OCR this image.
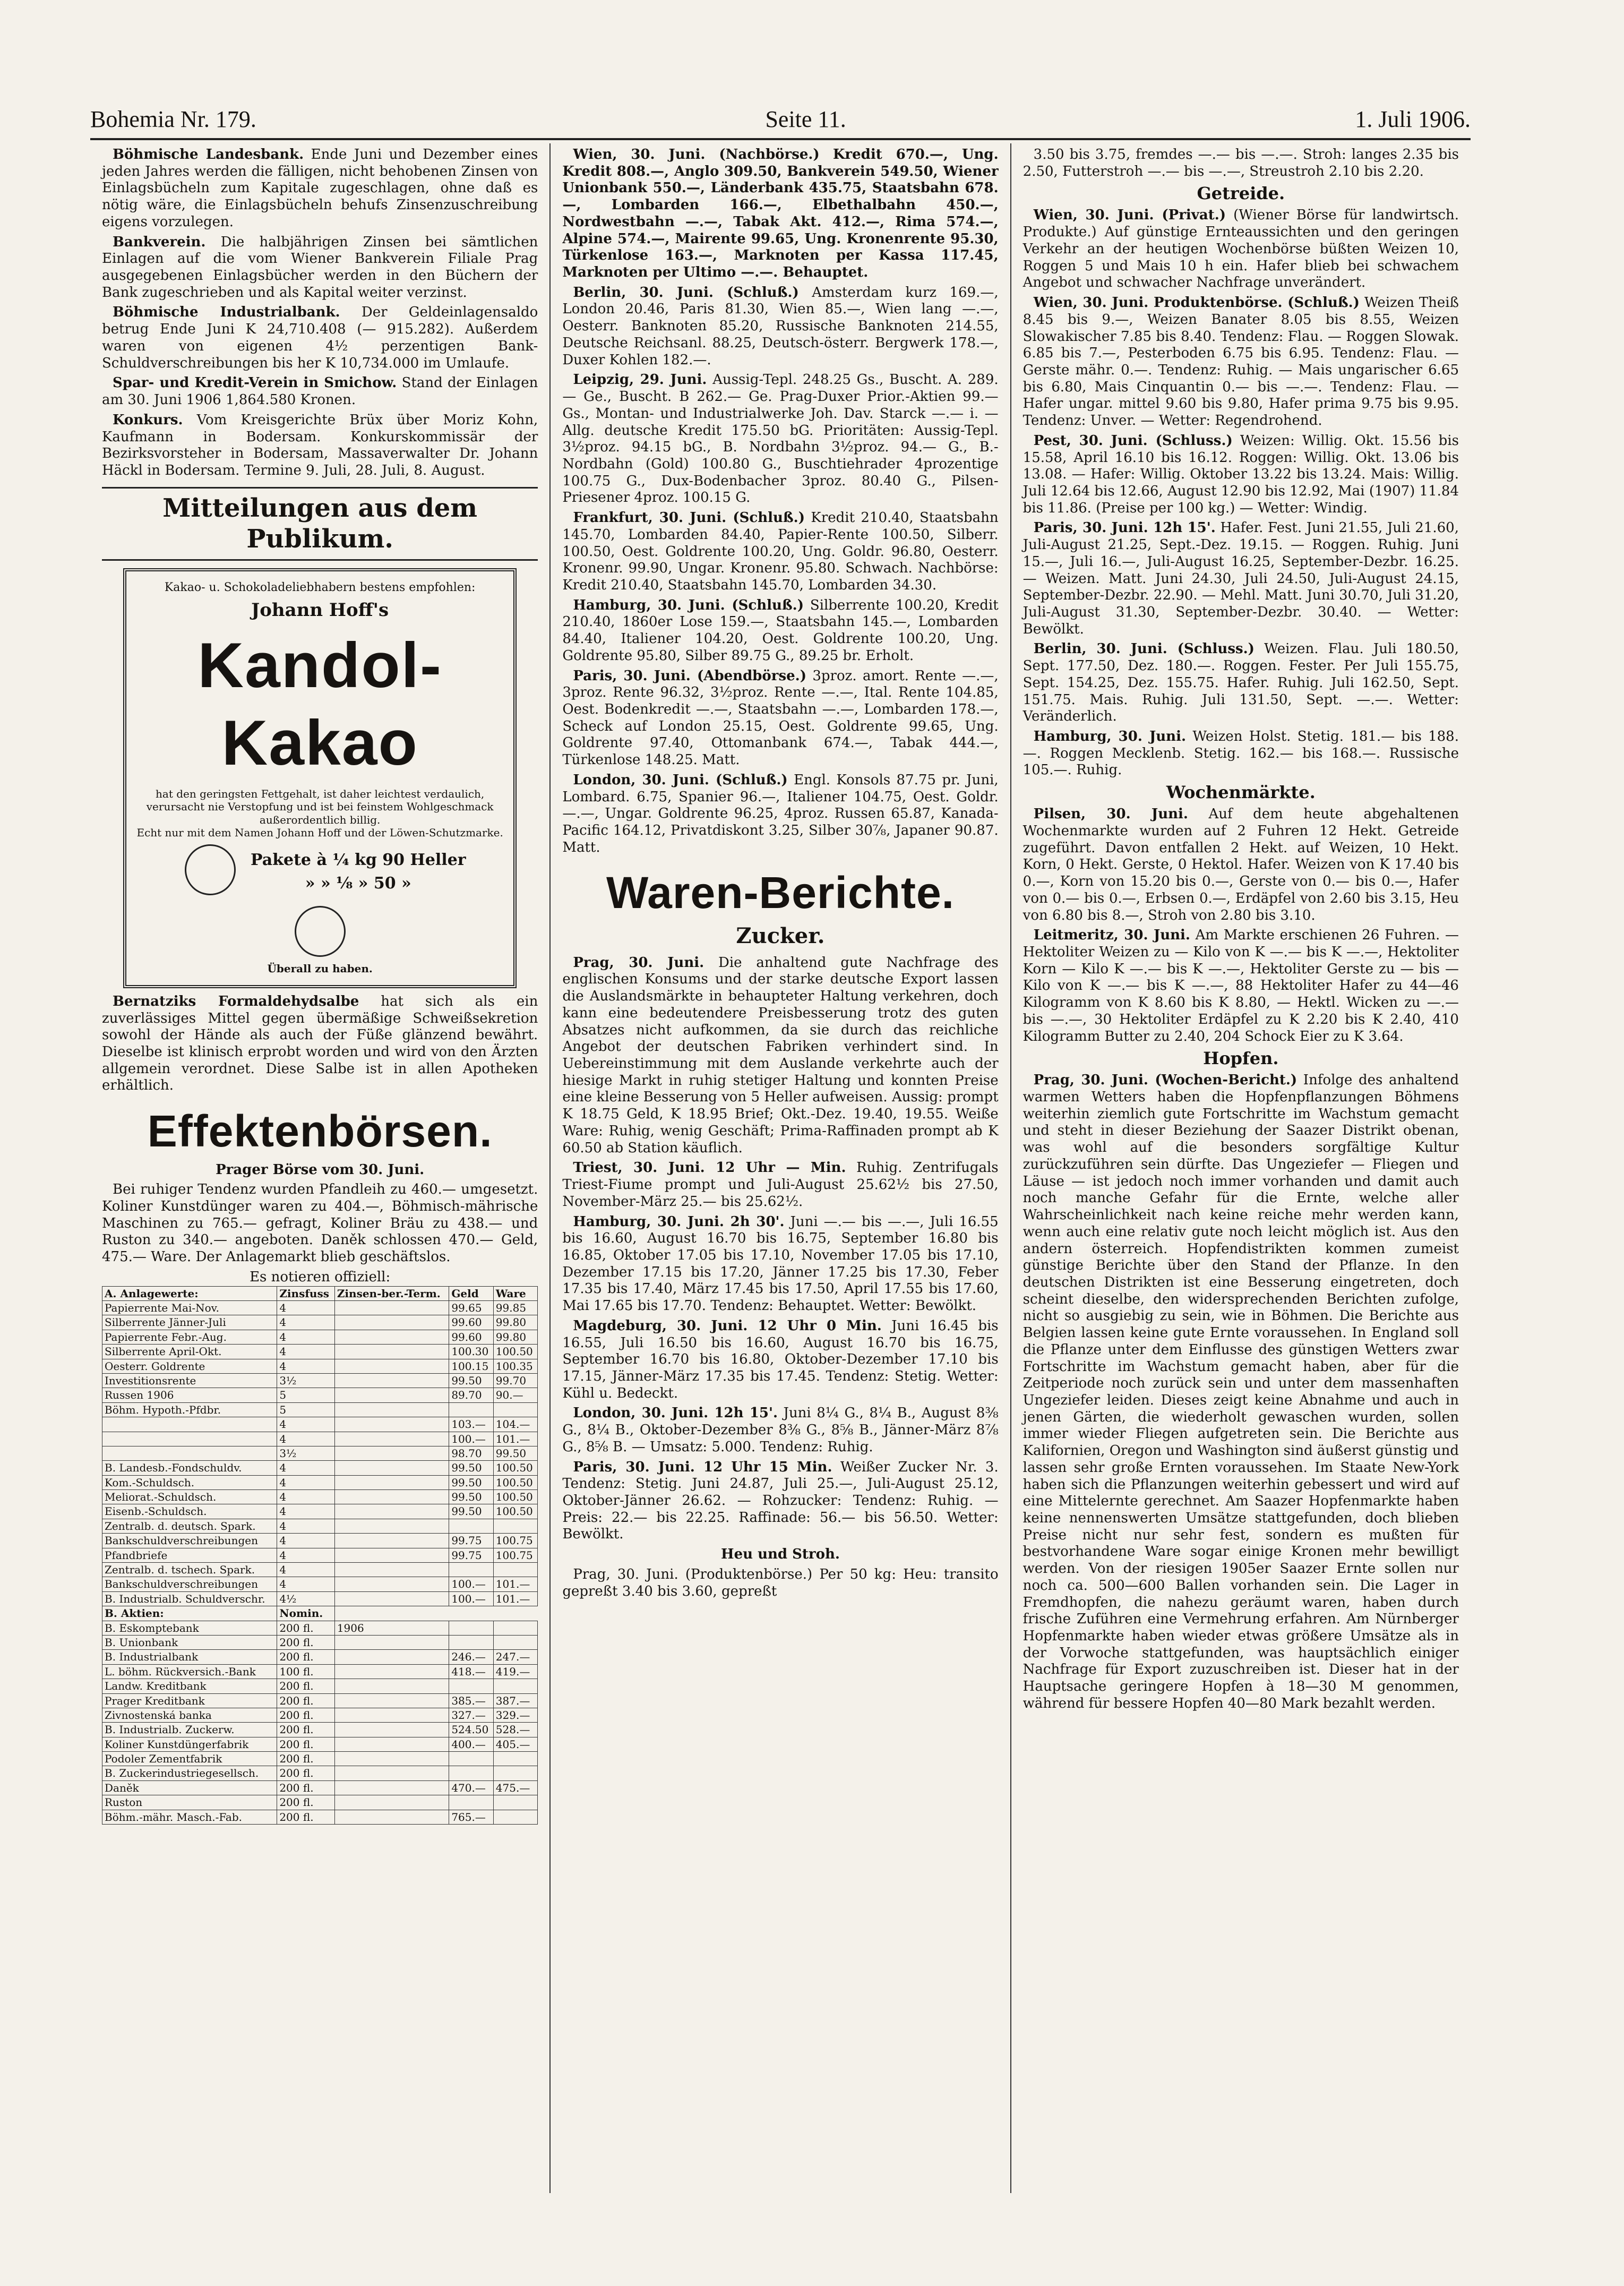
Bohemia Nr. 179.	Seite 11.	1. Juli 1906.

Böhmische Landesbank. Ende Juni und Dezember eines jeden Jahres werden die fälligen, nicht behobenen Zinsen von Einlagsbücheln zum Kapitale zugeschlagen, ohne daß es nötig wäre, die Einlagsbücheln behufs Zinsenzuschreibung eigens vorzulegen.

Bankverein. Die halbjährigen Zinsen bei sämtlichen Einlagen auf die vom Wiener Bankverein Filiale Prag ausgegebenen Einlagsbücher werden in den Büchern der Bank zugeschrieben und als Kapital weiter verzinst.

Böhmische Industrialbank. Der Geldeinlagensaldo betrug Ende Juni K 24,710.408 (— 915.282). Außerdem waren von eigenen 4½ perzentigen Bank-Schuldverschreibungen bis her K 10,734.000 im Umlaufe.

Spar- und Kredit-Verein in Smichow. Stand der Einlagen am 30. Juni 1906 1,864.580 Kronen.

Konkurs. Vom Kreisgerichte Brüx über Moriz Kohn, Kaufmann in Bodersam. Konkurskommissär der Bezirksvorsteher in Bodersam, Massaverwalter Dr. Johann Häckl in Bodersam. Termine 9. Juli, 28. Juli, 8. August.

Mitteilungen aus dem Publikum.
Kakao- u. Schokoladeliebhabern bestens empfohlen:
Johann Hoff's
Kandol-Kakao
hat den geringsten Fettgehalt, ist daher leichtest verdaulich, verursacht nie Verstopfung und ist bei feinstem Wohlgeschmack außerordentlich billig.
Echt nur mit dem Namen Johann Hoff und der Löwen-Schutzmarke.

Pakete à ¼ kg 90 Heller
» » ⅛ » 50 »

Überall zu haben.

Bernatziks Formaldehydsalbe hat sich als ein zuverlässiges Mittel gegen übermäßige Schweißsekretion sowohl der Hände als auch der Füße glänzend bewährt. Dieselbe ist klinisch erprobt worden und wird von den Ärzten allgemein verordnet. Diese Salbe ist in allen Apotheken erhältlich.

Effektenbörsen.
Prager Börse vom 30. Juni.

Bei ruhiger Tendenz wurden Pfandleih zu 460.— umgesetzt. Koliner Kunstdünger waren zu 404.—, Böhmisch-mährische Maschinen zu 765.— gefragt, Koliner Bräu zu 438.— und Ruston zu 340.— angeboten. Daněk schlossen 470.— Geld, 475.— Ware. Der Anlagemarkt blieb geschäftslos.

Es notieren offiziell:
A. Anlagewerte:	Zinsfuss	Zinsen-ber.-Term.	Geld	Ware
Papierrente Mai-Nov.	4		99.65	99.85
Silberrente Jänner-Juli	4		99.60	99.80
Papierrente Febr.-Aug.	4		99.60	99.80
Silberrente April-Okt.	4		100.30	100.50
Oesterr. Goldrente	4		100.15	100.35
Investitionsrente	3½		99.50	99.70
Russen 1906	5		89.70	90.—
Böhm. Hypoth.-Pfdbr.	5			
	4		103.—	104.—
	4		100.—	101.—
	3½		98.70	99.50
B. Landesb.-Fondschuldv.	4		99.50	100.50
Kom.-Schuldsch.	4		99.50	100.50
Meliorat.-Schuldsch.	4		99.50	100.50
Eisenb.-Schuldsch.	4		99.50	100.50
Zentralb. d. deutsch. Spark.	4			
Bankschuldverschreibungen	4		99.75	100.75
Pfandbriefe	4		99.75	100.75
Zentralb. d. tschech. Spark.	4			
Bankschuldverschreibungen	4		100.—	101.—
B. Industrialb. Schuldverschr.	4½		100.—	101.—
B. Aktien:	Nomin.			
B. Eskomptebank	200 fl.	1906		
B. Unionbank	200 fl.			
B. Industrialbank	200 fl.		246.—	247.—
L. böhm. Rückversich.-Bank	100 fl.		418.—	419.—
Landw. Kreditbank	200 fl.			
Prager Kreditbank	200 fl.		385.—	387.—
Zivnostenská banka	200 fl.		327.—	329.—
B. Industrialb. Zuckerw.	200 fl.		524.50	528.—
Koliner Kunstdüngerfabrik	200 fl.		400.—	405.—
Podoler Zementfabrik	200 fl.			
B. Zuckerindustriegesellsch.	200 fl.			
Daněk	200 fl.		470.—	475.—
Ruston	200 fl.			
Böhm.-mähr. Masch.-Fab.	200 fl.		765.—	

Wien, 30. Juni. (Nachbörse.) Kredit 670.—, Ung. Kredit 808.—, Anglo 309.50, Bankverein 549.50, Wiener Unionbank 550.—, Länderbank 435.75, Staatsbahn 678.—, Lombarden 166.—, Elbethalbahn 450.—, Nordwestbahn —.—, Tabak Akt. 412.—, Rima 574.—, Alpine 574.—, Mairente 99.65, Ung. Kronenrente 95.30, Türkenlose 163.—, Marknoten per Kassa 117.45, Marknoten per Ultimo —.—. Behauptet.

Berlin, 30. Juni. (Schluß.) Amsterdam kurz 169.—, London 20.46, Paris 81.30, Wien 85.—, Wien lang —.—, Oesterr. Banknoten 85.20, Russische Banknoten 214.55, Deutsche Reichsanl. 88.25, Deutsch-österr. Bergwerk 178.—, Duxer Kohlen 182.—.

Leipzig, 29. Juni. Aussig-Tepl. 248.25 Gs., Buscht. A. 289.— Ge., Buscht. B 262.— Ge. Prag-Duxer Prior.-Aktien 99.— Gs., Montan- und Industrialwerke Joh. Dav. Starck —.— i. — Allg. deutsche Kredit 175.50 bG. Prioritäten: Aussig-Tepl. 3½proz. 94.15 bG., B. Nordbahn 3½proz. 94.— G., B.-Nordbahn (Gold) 100.80 G., Buschtiehrader 4prozentige 100.75 G., Dux-Bodenbacher 3proz. 80.40 G., Pilsen-Priesener 4proz. 100.15 G.

Frankfurt, 30. Juni. (Schluß.) Kredit 210.40, Staatsbahn 145.70, Lombarden 84.40, Papier-Rente 100.50, Silberr. 100.50, Oest. Goldrente 100.20, Ung. Goldr. 96.80, Oesterr. Kronenr. 99.90, Ungar. Kronenr. 95.80. Schwach. Nachbörse: Kredit 210.40, Staatsbahn 145.70, Lombarden 34.30.

Hamburg, 30. Juni. (Schluß.) Silberrente 100.20, Kredit 210.40, 1860er Lose 159.—, Staatsbahn 145.—, Lombarden 84.40, Italiener 104.20, Oest. Goldrente 100.20, Ung. Goldrente 95.80, Silber 89.75 G., 89.25 br. Erholt.

Paris, 30. Juni. (Abendbörse.) 3proz. amort. Rente —.—, 3proz. Rente 96.32, 3½proz. Rente —.—, Ital. Rente 104.85, Oest. Bodenkredit —.—, Staatsbahn —.—, Lombarden 178.—, Scheck auf London 25.15, Oest. Goldrente 99.65, Ung. Goldrente 97.40, Ottomanbank 674.—, Tabak 444.—, Türkenlose 148.25. Matt.

London, 30. Juni. (Schluß.) Engl. Konsols 87.75 pr. Juni, Lombard. 6.75, Spanier 96.—, Italiener 104.75, Oest. Goldr. —.—, Ungar. Goldrente 96.25, 4proz. Russen 65.87, Kanada-Pacific 164.12, Privatdiskont 3.25, Silber 30⅞, Japaner 90.87. Matt.

Waren-Berichte.
Zucker.

Prag, 30. Juni. Die anhaltend gute Nachfrage des englischen Konsums und der starke deutsche Export lassen die Auslandsmärkte in behaupteter Haltung verkehren, doch kann eine bedeutendere Preisbesserung trotz des guten Absatzes nicht aufkommen, da sie durch das reichliche Angebot der deutschen Fabriken verhindert sind. In Uebereinstimmung mit dem Auslande verkehrte auch der hiesige Markt in ruhig stetiger Haltung und konnten Preise eine kleine Besserung von 5 Heller aufweisen. Aussig: prompt K 18.75 Geld, K 18.95 Brief; Okt.-Dez. 19.40, 19.55. Weiße Ware: Ruhig, wenig Geschäft; Prima-Raffinaden prompt ab K 60.50 ab Station käuflich.

Triest, 30. Juni. 12 Uhr — Min. Ruhig. Zentrifugals Triest-Fiume prompt und Juli-August 25.62½ bis 27.50, November-März 25.— bis 25.62½.

Hamburg, 30. Juni. 2h 30'. Juni —.— bis —.—, Juli 16.55 bis 16.60, August 16.70 bis 16.75, September 16.80 bis 16.85, Oktober 17.05 bis 17.10, November 17.05 bis 17.10, Dezember 17.15 bis 17.20, Jänner 17.25 bis 17.30, Feber 17.35 bis 17.40, März 17.45 bis 17.50, April 17.55 bis 17.60, Mai 17.65 bis 17.70. Tendenz: Behauptet. Wetter: Bewölkt.

Magdeburg, 30. Juni. 12 Uhr 0 Min. Juni 16.45 bis 16.55, Juli 16.50 bis 16.60, August 16.70 bis 16.75, September 16.70 bis 16.80, Oktober-Dezember 17.10 bis 17.15, Jänner-März 17.35 bis 17.45. Tendenz: Stetig. Wetter: Kühl u. Bedeckt.

London, 30. Juni. 12h 15'. Juni 8¼ G., 8¼ B., August 8⅜ G., 8¼ B., Oktober-Dezember 8⅜ G., 8⅝ B., Jänner-März 8⅞ G., 8⅝ B. — Umsatz: 5.000. Tendenz: Ruhig.

Paris, 30. Juni. 12 Uhr 15 Min. Weißer Zucker Nr. 3. Tendenz: Stetig. Juni 24.87, Juli 25.—, Juli-August 25.12, Oktober-Jänner 26.62. — Rohzucker: Tendenz: Ruhig. — Preis: 22.— bis 22.25. Raffinade: 56.— bis 56.50. Wetter: Bewölkt.

Heu und Stroh.

Prag, 30. Juni. (Produktenbörse.) Per 50 kg: Heu: transito gepreßt 3.40 bis 3.60, gepreßt

3.50 bis 3.75, fremdes —.— bis —.—. Stroh: langes 2.35 bis 2.50, Futterstroh —.— bis —.—, Streustroh 2.10 bis 2.20.

Getreide.

Wien, 30. Juni. (Privat.) (Wiener Börse für landwirtsch. Produkte.) Auf günstige Ernteaussichten und den geringen Verkehr an der heutigen Wochenbörse büßten Weizen 10, Roggen 5 und Mais 10 h ein. Hafer blieb bei schwachem Angebot und schwacher Nachfrage unverändert.

Wien, 30. Juni. Produktenbörse. (Schluß.) Weizen Theiß 8.45 bis 9.—, Weizen Banater 8.05 bis 8.55, Weizen Slowakischer 7.85 bis 8.40. Tendenz: Flau. — Roggen Slowak. 6.85 bis 7.—, Pesterboden 6.75 bis 6.95. Tendenz: Flau. — Gerste mähr. 0.—. Tendenz: Ruhig. — Mais ungarischer 6.65 bis 6.80, Mais Cinquantin 0.— bis —.—. Tendenz: Flau. — Hafer ungar. mittel 9.60 bis 9.80, Hafer prima 9.75 bis 9.95. Tendenz: Unver. — Wetter: Regendrohend.

Pest, 30. Juni. (Schluss.) Weizen: Willig. Okt. 15.56 bis 15.58, April 16.10 bis 16.12. Roggen: Willig. Okt. 13.06 bis 13.08. — Hafer: Willig. Oktober 13.22 bis 13.24. Mais: Willig. Juli 12.64 bis 12.66, August 12.90 bis 12.92, Mai (1907) 11.84 bis 11.86. (Preise per 100 kg.) — Wetter: Windig.

Paris, 30. Juni. 12h 15'. Hafer. Fest. Juni 21.55, Juli 21.60, Juli-August 21.25, Sept.-Dez. 19.15. — Roggen. Ruhig. Juni 15.—, Juli 16.—, Juli-August 16.25, September-Dezbr. 16.25. — Weizen. Matt. Juni 24.30, Juli 24.50, Juli-August 24.15, September-Dezbr. 22.90. — Mehl. Matt. Juni 30.70, Juli 31.20, Juli-August 31.30, September-Dezbr. 30.40. — Wetter: Bewölkt.

Berlin, 30. Juni. (Schluss.) Weizen. Flau. Juli 180.50, Sept. 177.50, Dez. 180.—. Roggen. Fester. Per Juli 155.75, Sept. 154.25, Dez. 155.75. Hafer. Ruhig. Juli 162.50, Sept. 151.75. Mais. Ruhig. Juli 131.50, Sept. —.—. Wetter: Veränderlich.

Hamburg, 30. Juni. Weizen Holst. Stetig. 181.— bis 188.—. Roggen Mecklenb. Stetig. 162.— bis 168.—. Russische 105.—. Ruhig.

Wochenmärkte.

Pilsen, 30. Juni. Auf dem heute abgehaltenen Wochenmarkte wurden auf 2 Fuhren 12 Hekt. Getreide zugeführt. Davon entfallen 2 Hekt. auf Weizen, 10 Hekt. Korn, 0 Hekt. Gerste, 0 Hektol. Hafer. Weizen von K 17.40 bis 0.—, Korn von 15.20 bis 0.—, Gerste von 0.— bis 0.—, Hafer von 0.— bis 0.—, Erbsen 0.—, Erdäpfel von 2.60 bis 3.15, Heu von 6.80 bis 8.—, Stroh von 2.80 bis 3.10.

Leitmeritz, 30. Juni. Am Markte erschienen 26 Fuhren. — Hektoliter Weizen zu — Kilo von K —.— bis K —.—, Hektoliter Korn — Kilo K —.— bis K —.—, Hektoliter Gerste zu — bis — Kilo von K —.— bis K —.—, 88 Hektoliter Hafer zu 44—46 Kilogramm von K 8.60 bis K 8.80, — Hektl. Wicken zu —.— bis —.—, 30 Hektoliter Erdäpfel zu K 2.20 bis K 2.40, 410 Kilogramm Butter zu 2.40, 204 Schock Eier zu K 3.64.

Hopfen.

Prag, 30. Juni. (Wochen-Bericht.) Infolge des anhaltend warmen Wetters haben die Hopfenpflanzungen Böhmens weiterhin ziemlich gute Fortschritte im Wachstum gemacht und steht in dieser Beziehung der Saazer Distrikt obenan, was wohl auf die besonders sorgfältige Kultur zurückzuführen sein dürfte. Das Ungeziefer — Fliegen und Läuse — ist jedoch noch immer vorhanden und damit auch noch manche Gefahr für die Ernte, welche aller Wahrscheinlichkeit nach keine reiche mehr werden kann, wenn auch eine relativ gute noch leicht möglich ist. Aus den andern österreich. Hopfendistrikten kommen zumeist günstige Berichte über den Stand der Pflanze. In den deutschen Distrikten ist eine Besserung eingetreten, doch scheint dieselbe, den widersprechenden Berichten zufolge, nicht so ausgiebig zu sein, wie in Böhmen. Die Berichte aus Belgien lassen keine gute Ernte voraussehen. In England soll die Pflanze unter dem Einflusse des günstigen Wetters zwar Fortschritte im Wachstum gemacht haben, aber für die Zeitperiode noch zurück sein und unter dem massenhaften Ungeziefer leiden. Dieses zeigt keine Abnahme und auch in jenen Gärten, die wiederholt gewaschen wurden, sollen immer wieder Fliegen aufgetreten sein. Die Berichte aus Kalifornien, Oregon und Washington sind äußerst günstig und lassen sehr große Ernten voraussehen. Im Staate New-York haben sich die Pflanzungen weiterhin gebessert und wird auf eine Mittelernte gerechnet. Am Saazer Hopfenmarkte haben keine nennenswerten Umsätze stattgefunden, doch blieben Preise nicht nur sehr fest, sondern es mußten für bestvorhandene Ware sogar einige Kronen mehr bewilligt werden. Von der riesigen 1905er Saazer Ernte sollen nur noch ca. 500—600 Ballen vorhanden sein. Die Lager in Fremdhopfen, die nahezu geräumt waren, haben durch frische Zuführen eine Vermehrung erfahren. Am Nürnberger Hopfenmarkte haben wieder etwas größere Umsätze als in der Vorwoche stattgefunden, was hauptsächlich einiger Nachfrage für Export zuzuschreiben ist. Dieser hat in der Hauptsache geringere Hopfen à 18—30 M genommen, während für bessere Hopfen 40—80 Mark bezahlt werden.
